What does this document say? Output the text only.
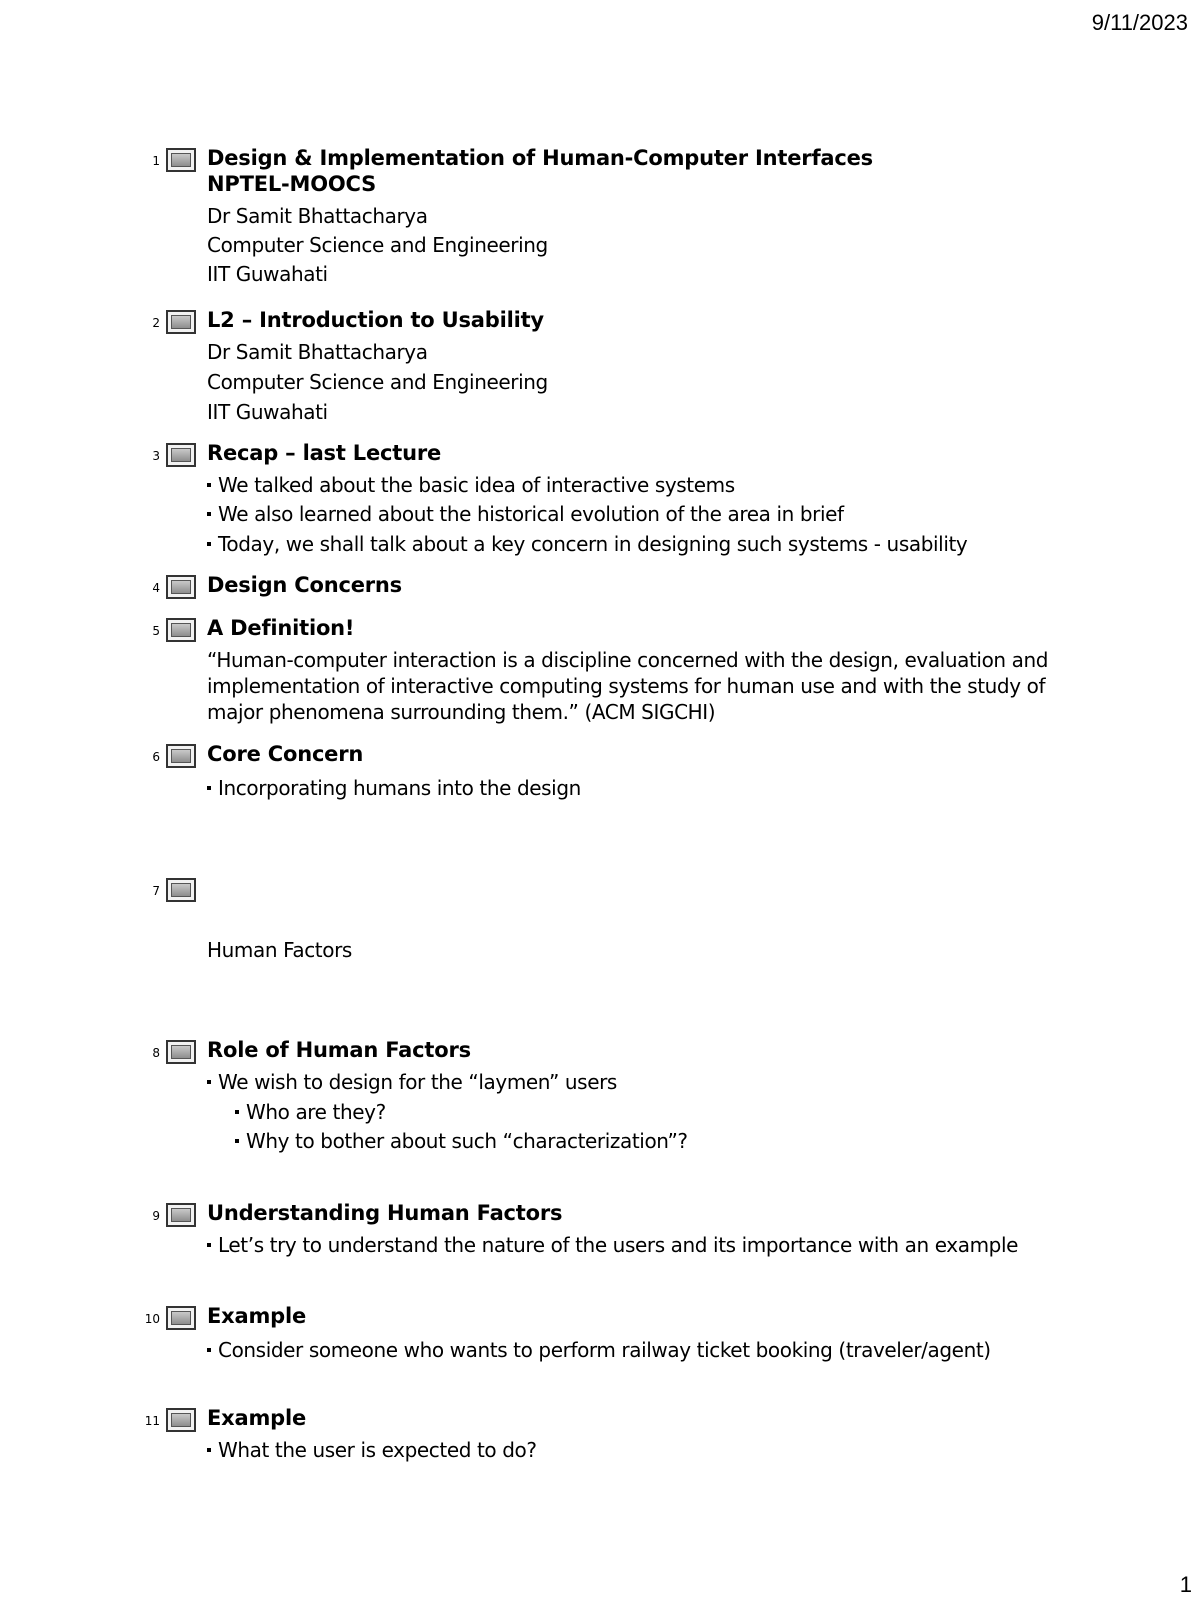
9/11/2023
1 Design & Implementation of Human-Computer Interfaces
NPTEL-MOOCS
Dr Samit Bhattacharya
Computer Science and Engineering
IIT Guwahati
2 L2 – Introduction to Usability
Dr Samit Bhattacharya
Computer Science and Engineering
IIT Guwahati
3 Recap – last Lecture
We talked about the basic idea of interactive systems
We also learned about the historical evolution of the area in brief
Today, we shall talk about a key concern in designing such systems - usability
4 Design Concerns
5 A Definition!
“Human-computer interaction is a discipline concerned with the design, evaluation and
implementation of interactive computing systems for human use and with the study of
major phenomena surrounding them.” (ACM SIGCHI)
6 Core Concern
Incorporating humans into the design
7
Human Factors
8 Role of Human Factors
We wish to design for the “laymen” users
Who are they?
Why to bother about such “characterization”?
9 Understanding Human Factors
Let’s try to understand the nature of the users and its importance with an example
10 Example
Consider someone who wants to perform railway ticket booking (traveler/agent)
11 Example
What the user is expected to do?
1
